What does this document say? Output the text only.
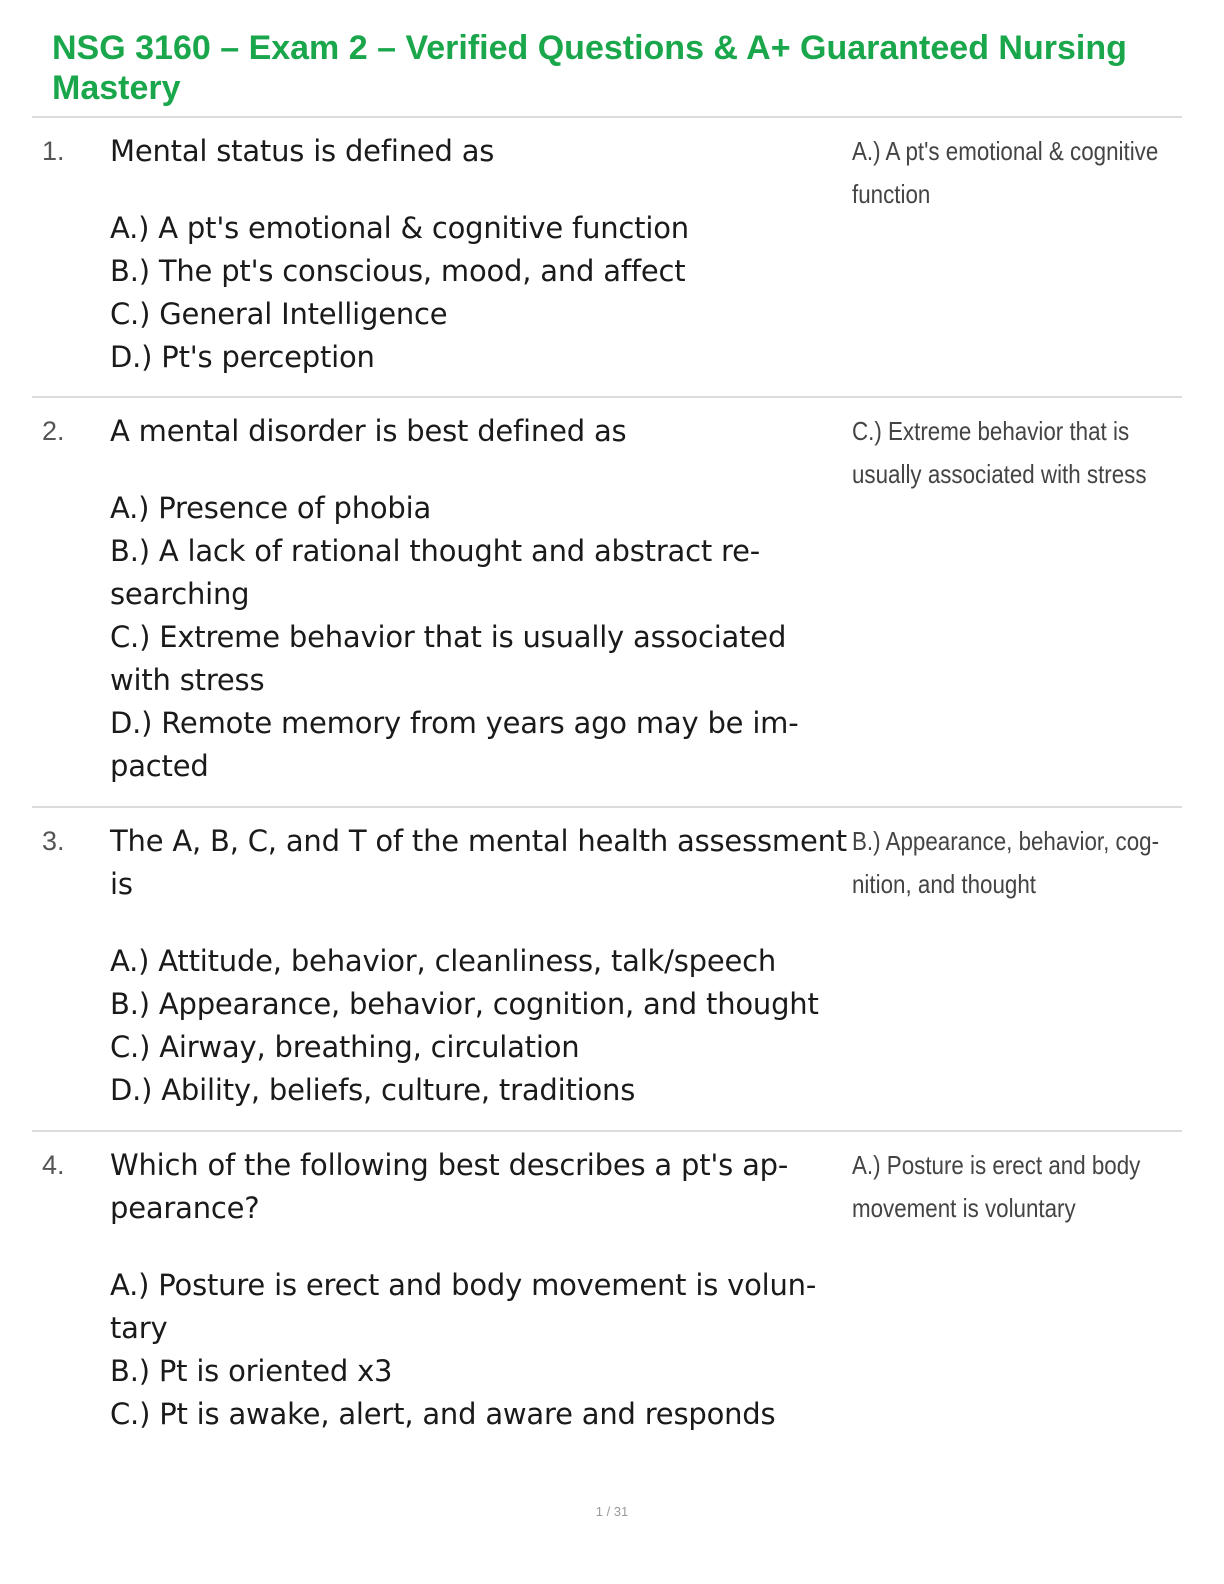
NSG 3160 – Exam 2 – Verified Questions & A+ Guaranteed Nursing Mastery
1. Mental status is defined as

A.) A pt's emotional & cognitive function

B.) The pt's conscious, mood, and affect

C.) General Intelligence

D.) Pt's perception

A.) A pt's emotional & cognitive function
2. A mental disorder is best defined as

A.) Presence of phobia

B.) A lack of rational thought and abstract re-searching

C.) Extreme behavior that is usually associated with stress

D.) Remote memory from years ago may be im-pacted

C.) Extreme behavior that is usually associated with stress
3. The A, B, C, and T of the mental health assessment is

A.) Attitude, behavior, cleanliness, talk/speech

B.) Appearance, behavior, cognition, and thought

C.) Airway, breathing, circulation

D.) Ability, beliefs, culture, traditions

B.) Appearance, behavior, cog-nition, and thought
4. Which of the following best describes a pt's ap-pearance?

A.) Posture is erect and body movement is volun-tary

B.) Pt is oriented x3

C.) Pt is awake, alert, and aware and responds

A.) Posture is erect and body movement is voluntary
1 / 31
